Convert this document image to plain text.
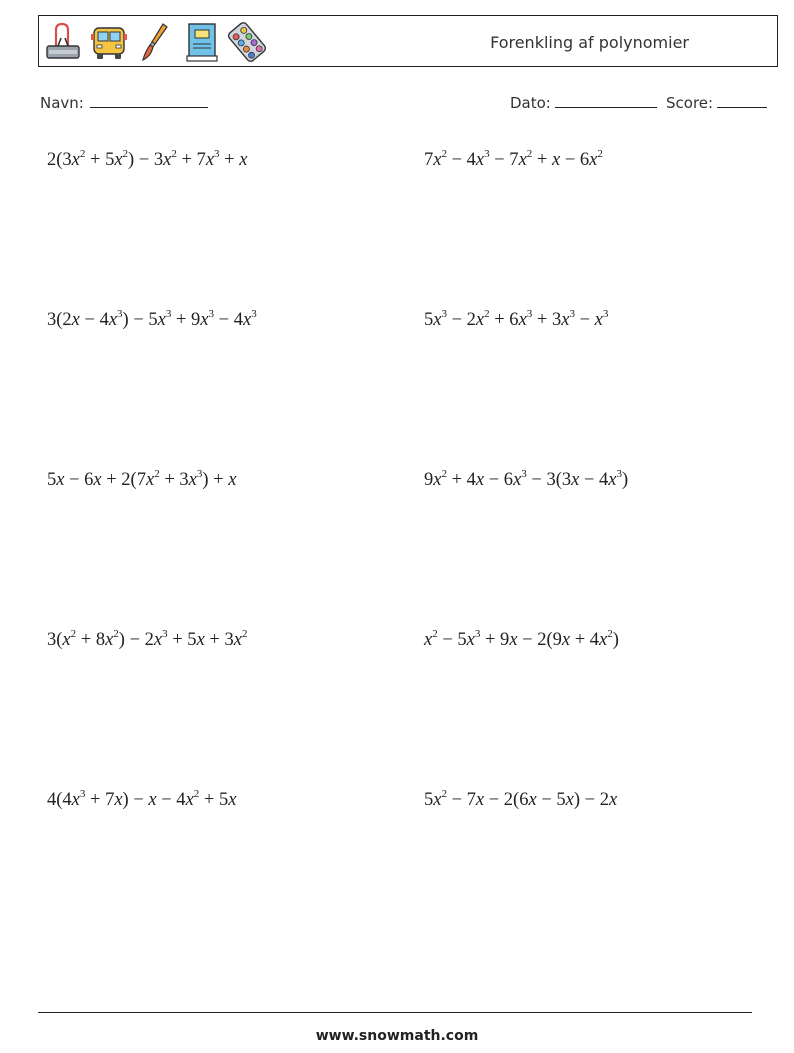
Forenkling af polynomier
Navn:	Dato:	Score:
$2(3x^2 + 5x^2) - 3x^2 + 7x^3 + x$	$7x^2 - 4x^3 - 7x^2 + x - 6x^2$
$3(2x - 4x^3) - 5x^3 + 9x^3 - 4x^3$	$5x^3 - 2x^2 + 6x^3 + 3x^3 - x^3$
$5x - 6x + 2(7x^2 + 3x^3) + x$	$9x^2 + 4x - 6x^3 - 3(3x - 4x^3)$
$3(x^2 + 8x^2) - 2x^3 + 5x + 3x^2$	$x^2 - 5x^3 + 9x - 2(9x + 4x^2)$
$4(4x^3 + 7x) - x - 4x^2 + 5x$	$5x^2 - 7x - 2(6x - 5x) - 2x$
www.snowmath.com
